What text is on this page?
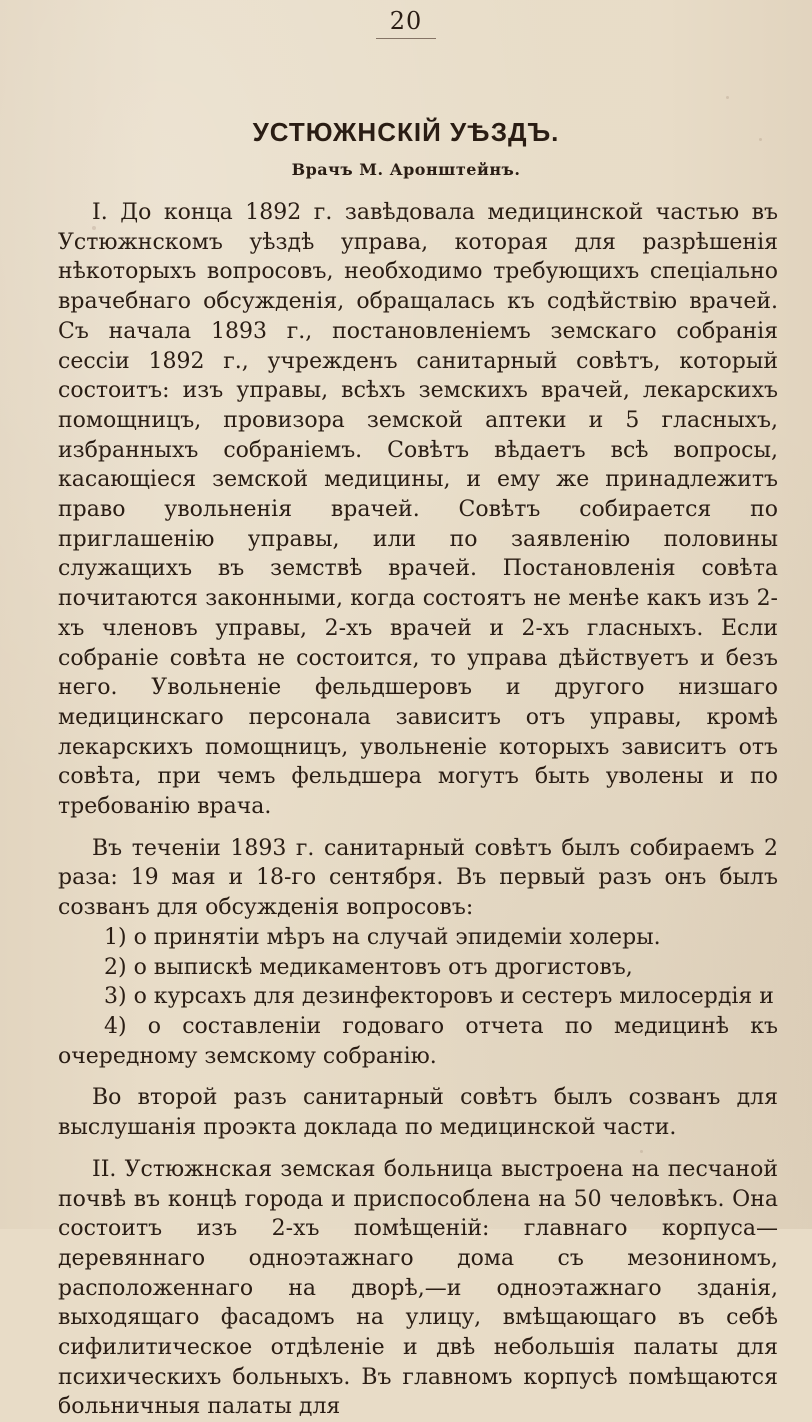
20
УСТЮЖНСКІЙ УѢЗДЪ.
Врачъ М. Аронштейнъ.

I. До конца 1892 г. завѣдовала медицинской частью въ Устюжнскомъ уѣздѣ управа, которая для разрѣшенія нѣкоторыхъ вопросовъ, необходимо требующихъ спеціально врачебнаго обсужденія, обращалась къ содѣйствію врачей. Съ начала 1893 г., постановленіемъ земскаго собранія сессіи 1892 г., учрежденъ санитарный совѣтъ, который состоитъ: изъ управы, всѣхъ земскихъ врачей, лекарскихъ помощницъ, провизора земской аптеки и 5 гласныхъ, избранныхъ собраніемъ. Совѣтъ вѣдаетъ всѣ вопросы, касающіеся земской медицины, и ему же принадлежитъ право увольненія врачей. Совѣтъ собирается по приглашенію управы, или по заявленію половины служащихъ въ земствѣ врачей. Постановленія совѣта почитаются законными, когда состоятъ не менѣе какъ изъ 2-хъ членовъ управы, 2-хъ врачей и 2-хъ гласныхъ. Если собраніе совѣта не состоится, то управа дѣйствуетъ и безъ него. Увольненіе фельдшеровъ и другого низшаго медицинскаго персонала зависитъ отъ управы, кромѣ лекарскихъ помощницъ, увольненіе которыхъ зависитъ отъ совѣта, при чемъ фельдшера могутъ быть уволены и по требованію врача.

Въ теченіи 1893 г. санитарный совѣтъ былъ собираемъ 2 раза: 19 мая и 18-го сентября. Въ первый разъ онъ былъ созванъ для обсужденія вопросовъ:

1) о принятіи мѣръ на случай эпидеміи холеры.
2) о выпискѣ медикаментовъ отъ дрогистовъ,
3) о курсахъ для дезинфекторовъ и сестеръ милосердія и
4) о составленіи годоваго отчета по медицинѣ къ очередному земскому собранію.

Во второй разъ санитарный совѣтъ былъ созванъ для выслушанія проэкта доклада по медицинской части.

II. Устюжнская земская больница выстроена на песчаной почвѣ въ концѣ города и приспособлена на 50 человѣкъ. Она состоитъ изъ 2-хъ помѣщеній: главнаго корпуса—деревяннаго одноэтажнаго дома съ мезониномъ, расположеннаго на дворѣ,—и одноэтажнаго зданія, выходящаго фасадомъ на улицу, вмѣщающаго въ себѣ сифилитическое отдѣленіе и двѣ небольшія палаты для психическихъ больныхъ. Въ главномъ корпусѣ помѣщаются больничныя палаты для
